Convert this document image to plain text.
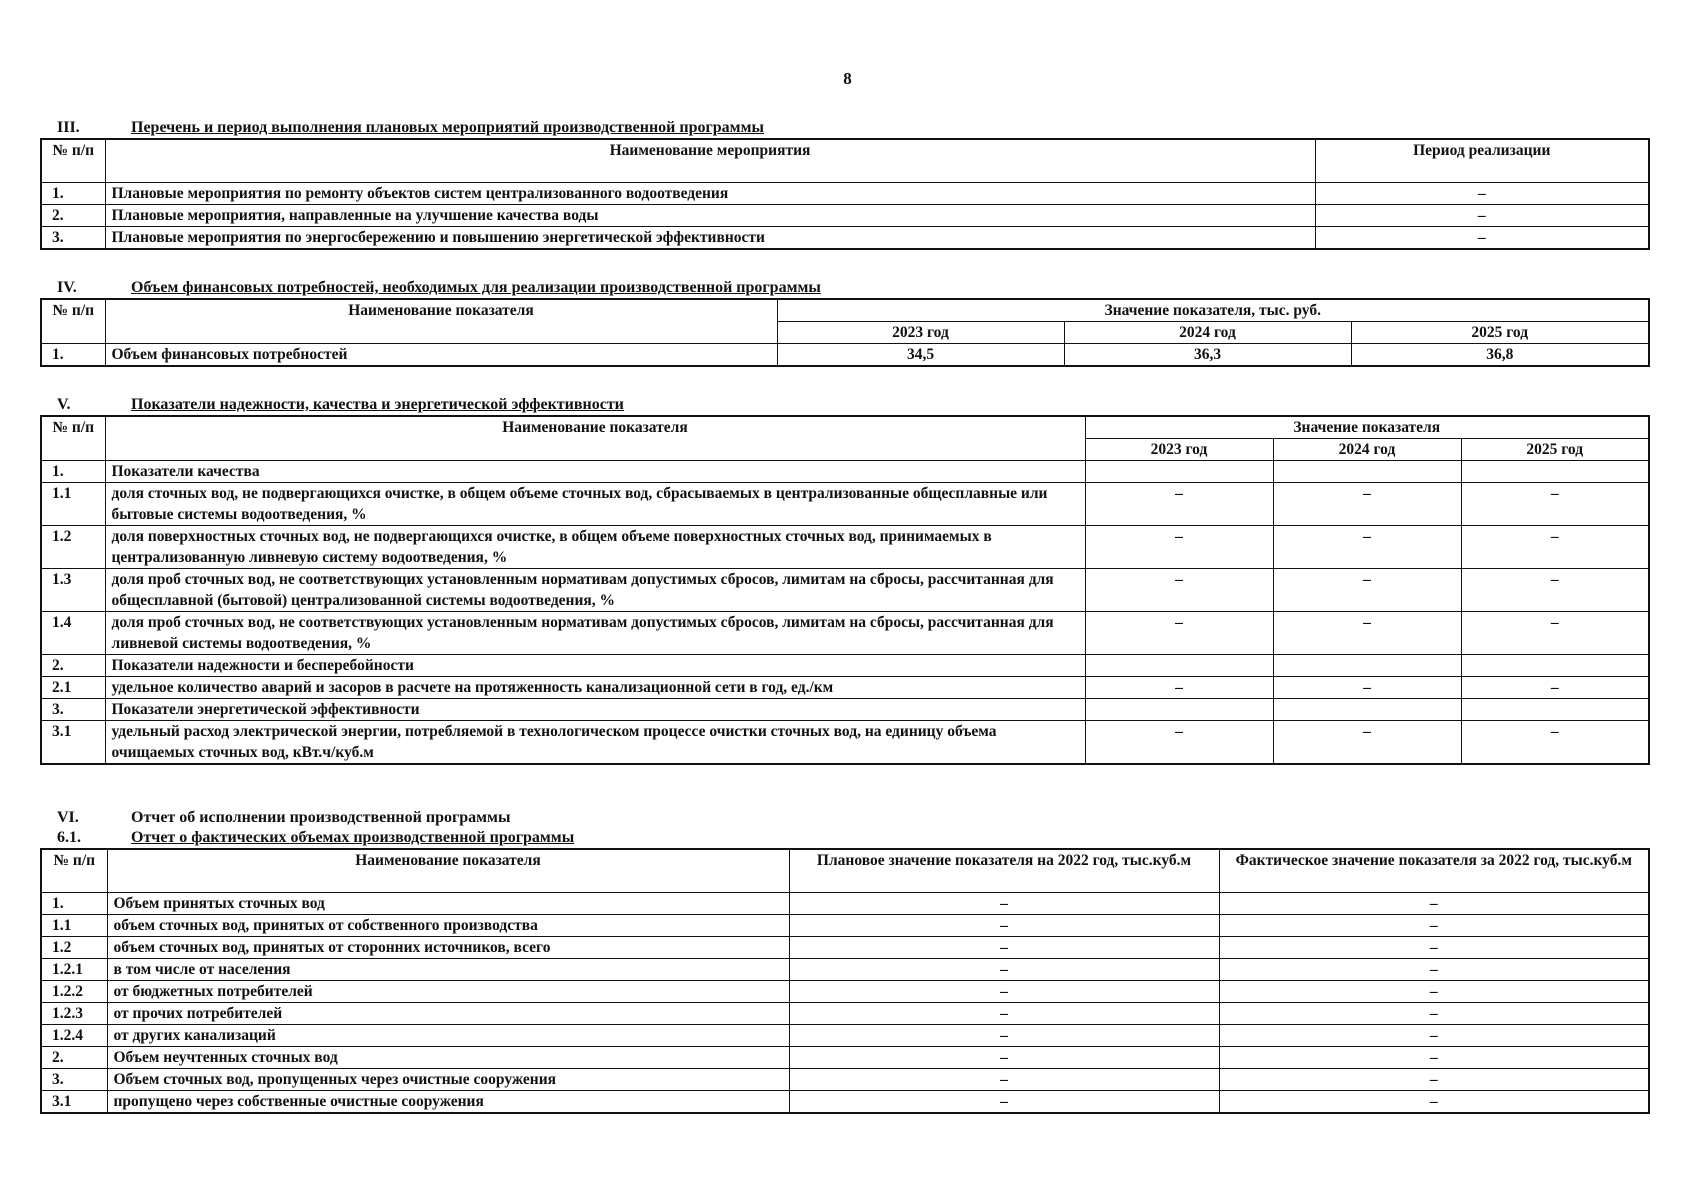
8
III.	Перечень и период выполнения плановых мероприятий производственной программы
№ п/п	Наименование мероприятия	Период реализации
1.	Плановые мероприятия по ремонту объектов систем централизованного водоотведения	–
2.	Плановые мероприятия, направленные на улучшение качества воды	–
3.	Плановые мероприятия по энергосбережению и повышению энергетической эффективности	–
IV.	Объем финансовых потребностей, необходимых для реализации производственной программы
№ п/п	Наименование показателя	Значение показателя, тыс. руб.		
		2023 год	2024 год	2025 год
1.	Объем финансовых потребностей	34,5	36,3	36,8
V.	Показатели надежности, качества и энергетической эффективности
№ п/п	Наименование показателя	Значение показателя		
		2023 год	2024 год	2025 год
1.	Показатели качества			
1.1	доля сточных вод, не подвергающихся очистке, в общем объеме сточных вод, сбрасываемых в централизованные общесплавные или бытовые системы водоотведения, %	–	–	–
1.2	доля поверхностных сточных вод, не подвергающихся очистке, в общем объеме поверхностных сточных вод, принимаемых в централизованную ливневую систему водоотведения, %	–	–	–
1.3	доля проб сточных вод, не соответствующих установленным нормативам допустимых сбросов, лимитам на сбросы, рассчитанная для общесплавной (бытовой) централизованной системы водоотведения, %	–	–	–
1.4	доля проб сточных вод, не соответствующих установленным нормативам допустимых сбросов, лимитам на сбросы, рассчитанная для ливневой системы водоотведения, %	–	–	–
2.	Показатели надежности и бесперебойности			
2.1	удельное количество аварий и засоров в расчете на протяженность канализационной сети в год, ед./км	–	–	–
3.	Показатели энергетической эффективности			
3.1	удельный расход электрической энергии, потребляемой в технологическом процессе очистки сточных вод, на единицу объема очищаемых сточных вод, кВт.ч/куб.м	–	–	–
VI.	Отчет об исполнении производственной программы
6.1.	Отчет о фактических объемах производственной программы
№ п/п	Наименование показателя	Плановое значение показателя на 2022 год, тыс.куб.м	Фактическое значение показателя за 2022 год, тыс.куб.м
1.	Объем принятых сточных вод	–	–
1.1	объем сточных вод, принятых от собственного производства	–	–
1.2	объем сточных вод, принятых от сторонних источников, всего	–	–
1.2.1	в том числе от населения	–	–
1.2.2	от бюджетных потребителей	–	–
1.2.3	от прочих потребителей	–	–
1.2.4	от других канализаций	–	–
2.	Объем неучтенных сточных вод	–	–
3.	Объем сточных вод, пропущенных через очистные сооружения	–	–
3.1	пропущено через собственные очистные сооружения	–	–
